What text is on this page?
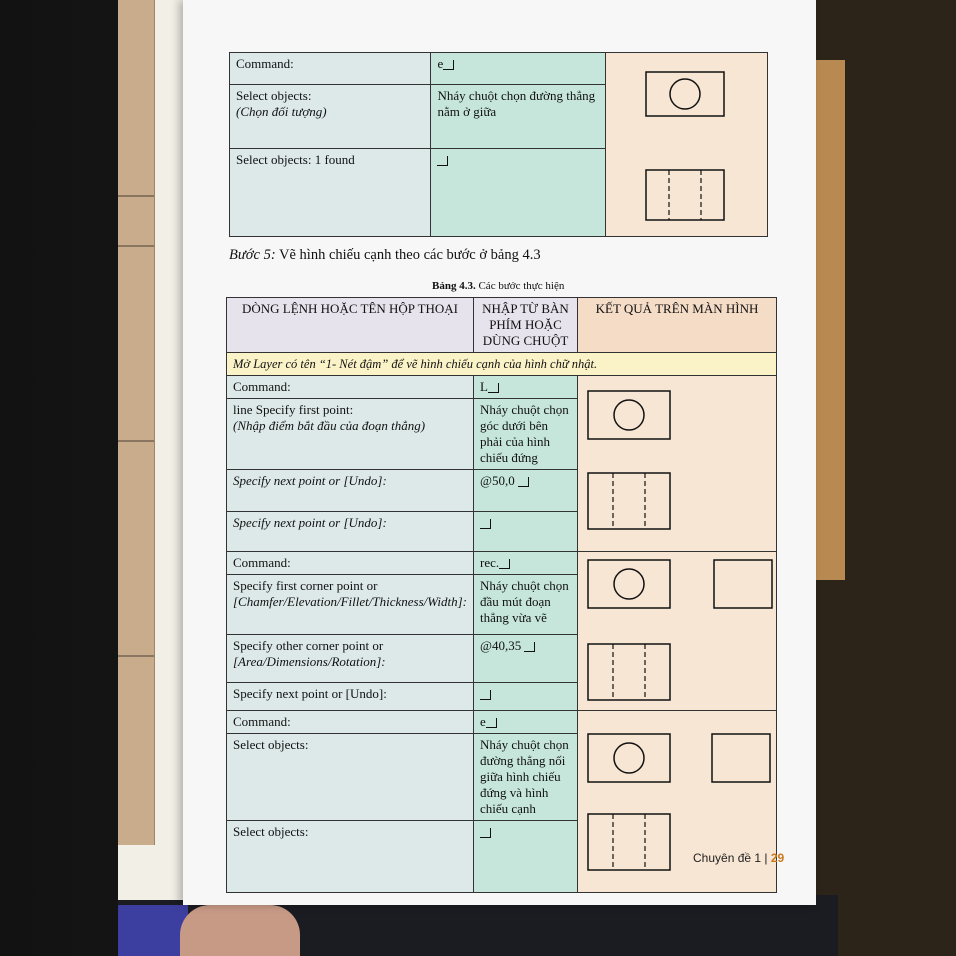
Command:	e	

Select objects:
(Chọn đối tượng)	Nháy chuột chọn đường thẳng nằm ở giữa	
Select objects: 1 found		
Bước 5: Vẽ hình chiếu cạnh theo các bước ở bảng 4.3
Bảng 4.3. Các bước thực hiện
DÒNG LỆNH HOẶC TÊN HỘP THOẠI	NHẬP TỪ BÀN PHÍM HOẶC DÙNG CHUỘT	KẾT QUẢ TRÊN MÀN HÌNH
Mở Layer có tên “1- Nét đậm” để vẽ hình chiếu cạnh của hình chữ nhật.		
Command:	L	

line Specify first point:
(Nhập điểm bắt đầu của đoạn thẳng)	Nháy chuột chọn góc dưới bên phải của hình chiếu đứng	
Specify next point or [Undo]:	@50,0	
Specify next point or [Undo]:		
Command:	rec.	

Specify first corner point or
[Chamfer/Elevation/Fillet/Thickness/Width]:	Nháy chuột chọn đầu mút đoạn thẳng vừa vẽ	

Specify other corner point or
[Area/Dimensions/Rotation]:	@40,35	
Specify next point or [Undo]:		
Command:	e	

Select objects:	Nháy chuột chọn đường thẳng nối giữa hình chiếu đứng và hình chiếu cạnh	
Select objects:		
Chuyên đề 1 | 29
